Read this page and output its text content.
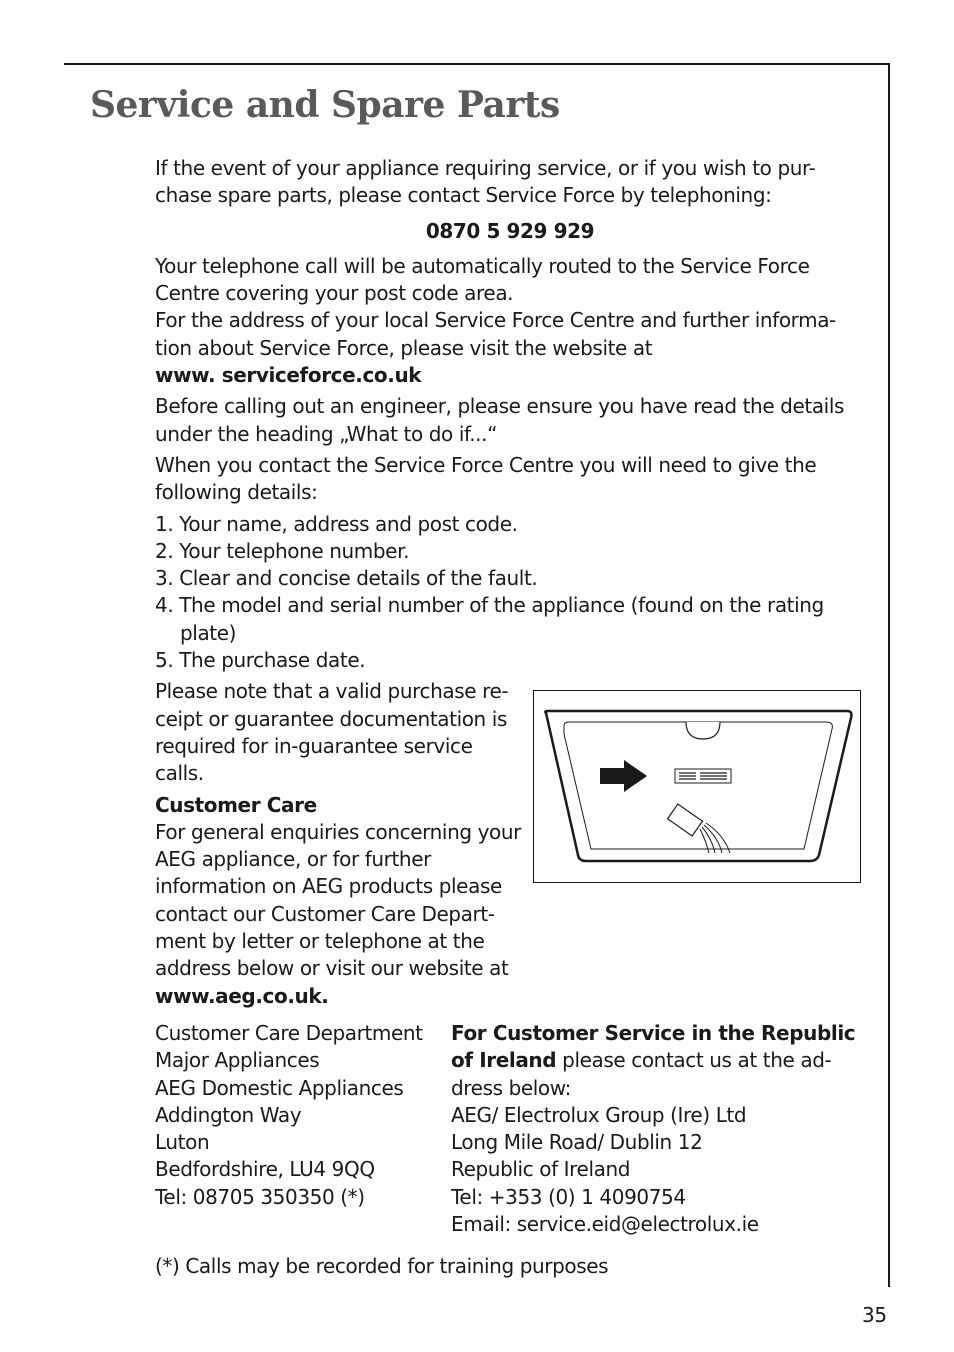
Service and Spare Parts

If the event of your appliance requiring service, or if you wish to pur-chase spare parts, please contact Service Force by telephoning:

0870 5 929 929

Your telephone call will be automatically routed to the Service Force Centre covering your post code area.

For the address of your local Service Force Centre and further informa-tion about Service Force, please visit the website at

www. serviceforce.co.uk

Before calling out an engineer, please ensure you have read the details under the heading „What to do if...“

When you contact the Service Force Centre you will need to give the following details:

1. Your name, address and post code.
2. Your telephone number.
3. Clear and concise details of the fault.
4. The model and serial number of the appliance (found on the rating plate)
5. The purchase date.

Please note that a valid purchase re-ceipt or guarantee documentation is required for in-guarantee service calls.

Customer Care

For general enquiries concerning your AEG appliance, or for further information on AEG products please contact our Customer Care Depart-ment by letter or telephone at the address below or visit our website at www.aeg.co.uk.

Customer Care Department

Major Appliances

AEG Domestic Appliances

Addington Way

Luton

Bedfordshire, LU4 9QQ

Tel: 08705 350350 (*)

For Customer Service in the Republic of Ireland please contact us at the ad-dress below:

AEG/ Electrolux Group (Ire) Ltd

Long Mile Road/ Dublin 12

Republic of Ireland

Tel: +353 (0) 1 4090754

Email: service.eid@electrolux.ie

(*) Calls may be recorded for training purposes

35
